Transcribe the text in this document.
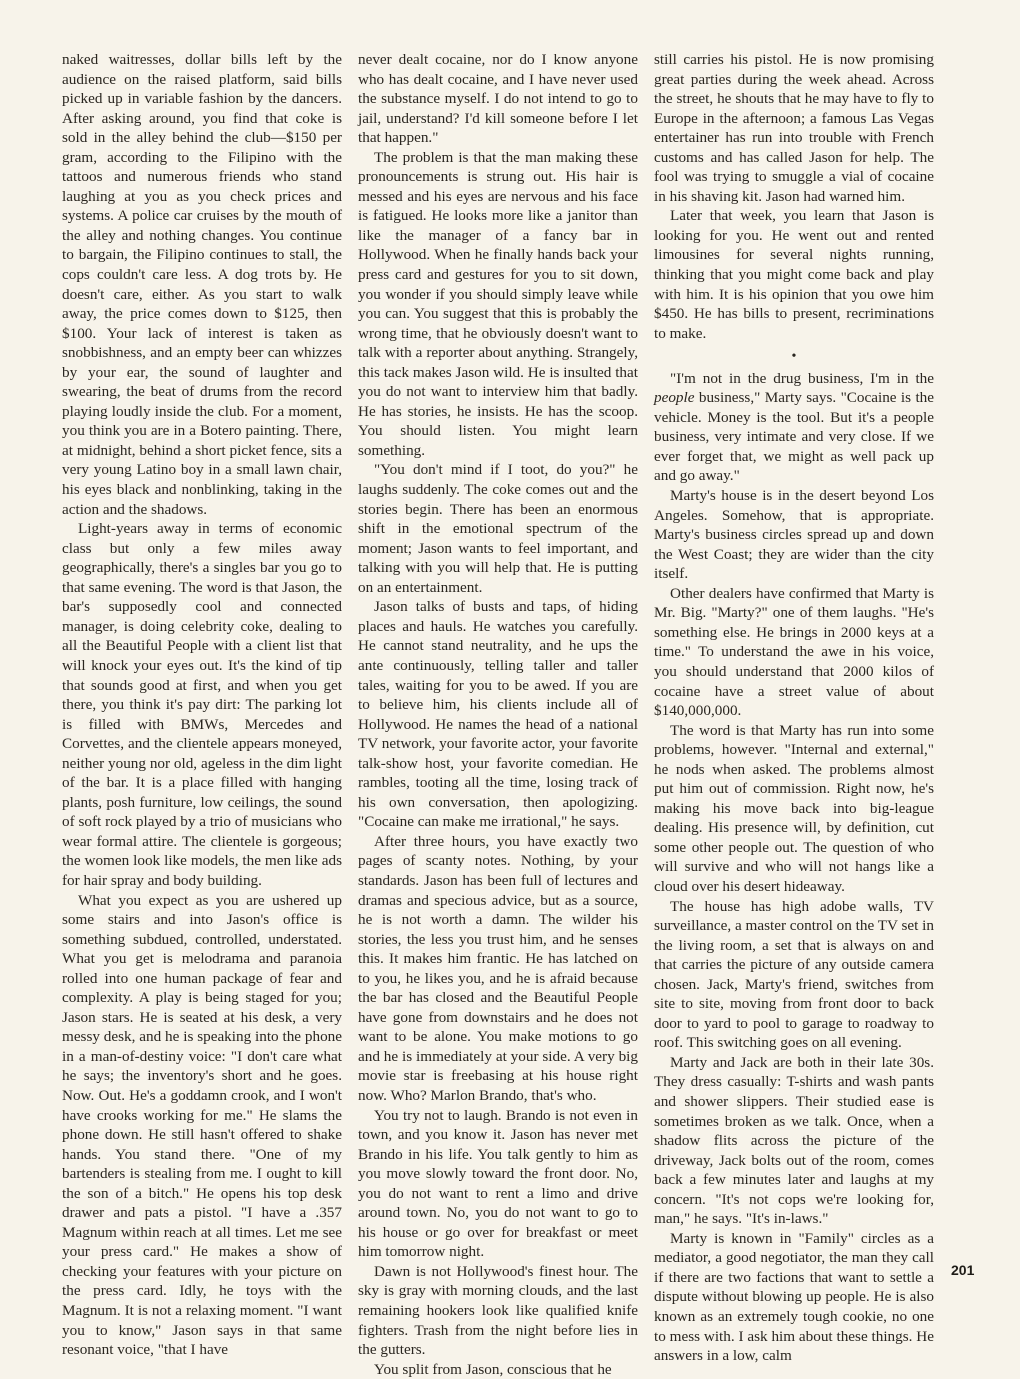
naked waitresses, dollar bills left by the audience on the raised platform, said bills picked up in variable fashion by the dancers. After asking around, you find that coke is sold in the alley behind the club—$150 per gram, according to the Filipino with the tattoos and numerous friends who stand laughing at you as you check prices and systems. A police car cruises by the mouth of the alley and nothing changes. You continue to bargain, the Filipino continues to stall, the cops couldn't care less. A dog trots by. He doesn't care, either. As you start to walk away, the price comes down to $125, then $100. Your lack of interest is taken as snobbishness, and an empty beer can whizzes by your ear, the sound of laughter and swearing, the beat of drums from the record playing loudly inside the club. For a moment, you think you are in a Botero painting. There, at midnight, behind a short picket fence, sits a very young Latino boy in a small lawn chair, his eyes black and nonblinking, taking in the action and the shadows.

Light-years away in terms of economic class but only a few miles away geographically, there's a singles bar you go to that same evening. The word is that Jason, the bar's supposedly cool and connected manager, is doing celebrity coke, dealing to all the Beautiful People with a client list that will knock your eyes out. It's the kind of tip that sounds good at first, and when you get there, you think it's pay dirt: The parking lot is filled with BMWs, Mercedes and Corvettes, and the clientele appears moneyed, neither young nor old, ageless in the dim light of the bar. It is a place filled with hanging plants, posh furniture, low ceilings, the sound of soft rock played by a trio of musicians who wear formal attire. The clientele is gorgeous; the women look like models, the men like ads for hair spray and body building.

What you expect as you are ushered up some stairs and into Jason's office is something subdued, controlled, understated. What you get is melodrama and paranoia rolled into one human package of fear and complexity. A play is being staged for you; Jason stars. He is seated at his desk, a very messy desk, and he is speaking into the phone in a man-of-destiny voice: "I don't care what he says; the inventory's short and he goes. Now. Out. He's a goddamn crook, and I won't have crooks working for me." He slams the phone down. He still hasn't offered to shake hands. You stand there. "One of my bartenders is stealing from me. I ought to kill the son of a bitch." He opens his top desk drawer and pats a pistol. "I have a .357 Magnum within reach at all times. Let me see your press card." He makes a show of checking your features with your picture on the press card. Idly, he toys with the Magnum. It is not a relaxing moment. "I want you to know," Jason says in that same resonant voice, "that I have

never dealt cocaine, nor do I know anyone who has dealt cocaine, and I have never used the substance myself. I do not intend to go to jail, understand? I'd kill someone before I let that happen."

The problem is that the man making these pronouncements is strung out. His hair is messed and his eyes are nervous and his face is fatigued. He looks more like a janitor than like the manager of a fancy bar in Hollywood. When he finally hands back your press card and gestures for you to sit down, you wonder if you should simply leave while you can. You suggest that this is probably the wrong time, that he obviously doesn't want to talk with a reporter about anything. Strangely, this tack makes Jason wild. He is insulted that you do not want to interview him that badly. He has stories, he insists. He has the scoop. You should listen. You might learn something.

"You don't mind if I toot, do you?" he laughs suddenly. The coke comes out and the stories begin. There has been an enormous shift in the emotional spectrum of the moment; Jason wants to feel important, and talking with you will help that. He is putting on an entertainment.

Jason talks of busts and taps, of hiding places and hauls. He watches you carefully. He cannot stand neutrality, and he ups the ante continuously, telling taller and taller tales, waiting for you to be awed. If you are to believe him, his clients include all of Hollywood. He names the head of a national TV network, your favorite actor, your favorite talk-show host, your favorite comedian. He rambles, tooting all the time, losing track of his own conversation, then apologizing. "Cocaine can make me irrational," he says.

After three hours, you have exactly two pages of scanty notes. Nothing, by your standards. Jason has been full of lectures and dramas and specious advice, but as a source, he is not worth a damn. The wilder his stories, the less you trust him, and he senses this. It makes him frantic. He has latched on to you, he likes you, and he is afraid because the bar has closed and the Beautiful People have gone from downstairs and he does not want to be alone. You make motions to go and he is immediately at your side. A very big movie star is freebasing at his house right now. Who? Marlon Brando, that's who.

You try not to laugh. Brando is not even in town, and you know it. Jason has never met Brando in his life. You talk gently to him as you move slowly toward the front door. No, you do not want to rent a limo and drive around town. No, you do not want to go to his house or go over for breakfast or meet him tomorrow night.

Dawn is not Hollywood's finest hour. The sky is gray with morning clouds, and the last remaining hookers look like qualified knife fighters. Trash from the night before lies in the gutters.

You split from Jason, conscious that he

still carries his pistol. He is now promising great parties during the week ahead. Across the street, he shouts that he may have to fly to Europe in the afternoon; a famous Las Vegas entertainer has run into trouble with French customs and has called Jason for help. The fool was trying to smuggle a vial of cocaine in his shaving kit. Jason had warned him.

Later that week, you learn that Jason is looking for you. He went out and rented limousines for several nights running, thinking that you might come back and play with him. It is his opinion that you owe him $450. He has bills to present, recriminations to make.

•

"I'm not in the drug business, I'm in the people business," Marty says. "Cocaine is the vehicle. Money is the tool. But it's a people business, very intimate and very close. If we ever forget that, we might as well pack up and go away."

Marty's house is in the desert beyond Los Angeles. Somehow, that is appropriate. Marty's business circles spread up and down the West Coast; they are wider than the city itself.

Other dealers have confirmed that Marty is Mr. Big. "Marty?" one of them laughs. "He's something else. He brings in 2000 keys at a time." To understand the awe in his voice, you should understand that 2000 kilos of cocaine have a street value of about $140,000,000.

The word is that Marty has run into some problems, however. "Internal and external," he nods when asked. The problems almost put him out of commission. Right now, he's making his move back into big-league dealing. His presence will, by definition, cut some other people out. The question of who will survive and who will not hangs like a cloud over his desert hideaway.

The house has high adobe walls, TV surveillance, a master control on the TV set in the living room, a set that is always on and that carries the picture of any outside camera chosen. Jack, Marty's friend, switches from site to site, moving from front door to back door to yard to pool to garage to roadway to roof. This switching goes on all evening.

Marty and Jack are both in their late 30s. They dress casually: T-shirts and wash pants and shower slippers. Their studied ease is sometimes broken as we talk. Once, when a shadow flits across the picture of the driveway, Jack bolts out of the room, comes back a few minutes later and laughs at my concern. "It's not cops we're looking for, man," he says. "It's in-laws."

Marty is known in "Family" circles as a mediator, a good negotiator, the man they call if there are two factions that want to settle a dispute without blowing up people. He is also known as an extremely tough cookie, no one to mess with. I ask him about these things. He answers in a low, calm

201
